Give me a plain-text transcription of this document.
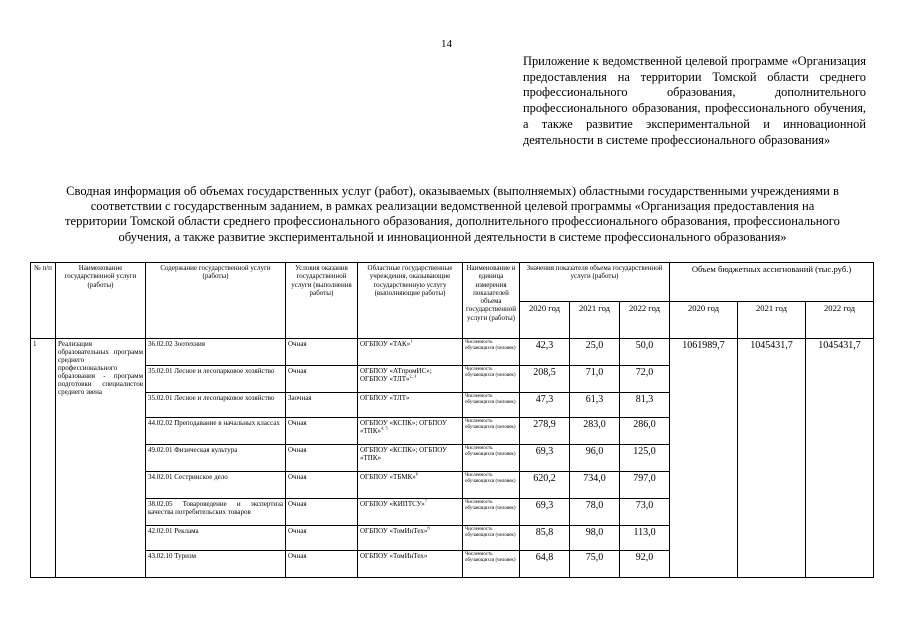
14
Приложение к ведомственной целевой программе «Организация предоставления на территории Томской области среднего профессионального образования, дополнительного профессионального образования, профессионального обучения, а также развитие экспериментальной и инновационной деятельности в системе профессионального образования»
Сводная информация об объемах государственных услуг (работ), оказываемых (выполняемых) областными государственными учреждениями в соответствии с государственным заданием, в рамках реализации ведомственной целевой программы «Организация предоставления на территории Томской области среднего профессионального образования, дополнительного профессионального образования, профессионального обучения, а также развитие экспериментальной и инновационной деятельности в системе профессионального образования»
№ п/п	Наименование государственной услуги (работы)	Содержание государственной услуги (работы)	Условия оказания государственной услуги (выполнения работы)	Областные государственные учреждения, оказывающие государственную услугу (выполняющие работы)	Наименование и единица измерения показателей объема государственной услуги (работы)	Значения показателя объема государственной услуги (работы)			Объем бюджетных ассигнований (тыс.руб.)		
						2020 год	2021 год	2022 год	2020 год	2021 год	2022 год
1	Реализация образовательных программ среднего профессионального образования - программ подготовки специалистов среднего звена	36.02.02 Зоотехния	Очная	ОГБПОУ «ТАК»$^1$	Численность обучающихся (человек)	42,3	25,0	50,0	1061989,7	1045431,7	1045431,7
		35.02.01 Лесное и лесопарковое хозяйство	Очная	ОГБПОУ «АТпромИС»; ОГБПОУ «ТЛТ»$^{2, 3}$	Численность обучающихся (человек)	208,5	71,0	72,0			
		35.02.01 Лесное и лесопарковое хозяйство	Заочная	ОГБПОУ «ТЛТ»	Численность обучающихся (человек)	47,3	61,3	81,3			
		44.02.02 Преподавание в начальных классах	Очная	ОГБПОУ «КСПК»; ОГБПОУ «ТПК»$^{4, 5}$	Численность обучающихся (человек)	278,9	283,0	286,0			
		49.02.01 Физическая культура	Очная	ОГБПОУ «КСПК»; ОГБПОУ «ТПК»	Численность обучающихся (человек)	69,3	96,0	125,0			
		34.02.01 Сестринское дело	Очная	ОГБПОУ «ТБМК»$^6$	Численность обучающихся (человек)	620,2	734,0	797,0			
		38.02.05 Товароведение и экспертиза качества потребительских товаров	Очная	ОГБПОУ «КИПТСУ»$^7$	Численность обучающихся (человек)	69,3	78,0	73,0			
		42.02.01 Реклама	Очная	ОГБПОУ «ТомИнТех»$^8$	Численность обучающихся (человек)	85,8	98,0	113,0			
		43.02.10 Туризм	Очная	ОГБПОУ «ТомИнТех»	Численность обучающихся (человек)	64,8	75,0	92,0			
